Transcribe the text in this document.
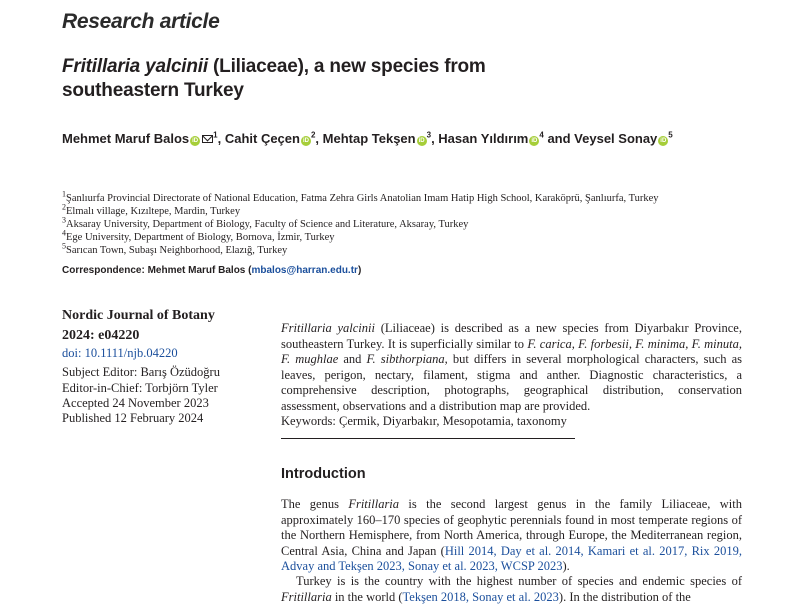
Research article
Fritillaria yalcinii (Liliaceae), a new species from
southeastern Turkey
Mehmet Maruf Balos $iD^1$, Cahit Çeçen $iD^2$, Mehtap Tekşen $iD^3$, Hasan Yıldırım $iD^4$ and Veysel Sonay $iD^5$
$^1$Şanlıurfa Provincial Directorate of National Education, Fatma Zehra Girls Anatolian Imam Hatip High School, Karaköprü, Şanlıurfa, Turkey
$^2$Elmalı village, Kızıltepe, Mardin, Turkey
$^3$Aksaray University, Department of Biology, Faculty of Science and Literature, Aksaray, Turkey
$^4$Ege University, Department of Biology, Bornova, İzmir, Turkey
$^5$Sarıcan Town, Subaşı Neighborhood, Elazığ, Turkey
Correspondence: Mehmet Maruf Balos (mbalos@harran.edu.tr)
Nordic Journal of Botany
2024: e04220
doi: 10.1111/njb.04220
Subject Editor: Barış Özüdoğru
Editor-in-Chief: Torbjörn Tyler
Accepted 24 November 2023
Published 12 February 2024
Fritillaria yalcinii (Liliaceae) is described as a new species from Diyarbakır Province, southeastern Turkey. It is superficially similar to F. carica, F. forbesii, F. minima, F. minuta, F. mughlae and F. sibthorpiana, but differs in several morphological characters, such as leaves, perigon, nectary, filament, stigma and anther. Diagnostic characteristics, a comprehensive description, photographs, geographical distribution, conservation assessment, observations and a distribution map are provided.
Keywords: Çermik, Diyarbakır, Mesopotamia, taxonomy
Introduction
The genus Fritillaria is the second largest genus in the family Liliaceae, with approximately 160–170 species of geophytic perennials found in most temperate regions of the Northern Hemisphere, from North America, through Europe, the Mediterranean region, Central Asia, China and Japan (Hill 2014, Day et al. 2014, Kamari et al. 2017, Rix 2019, Advay and Tekşen 2023, Sonay et al. 2023, WCSP 2023).
Turkey is is the country with the highest number of species and endemic species of Fritillaria in the world (Tekşen 2018, Sonay et al. 2023). In the distribution of the
